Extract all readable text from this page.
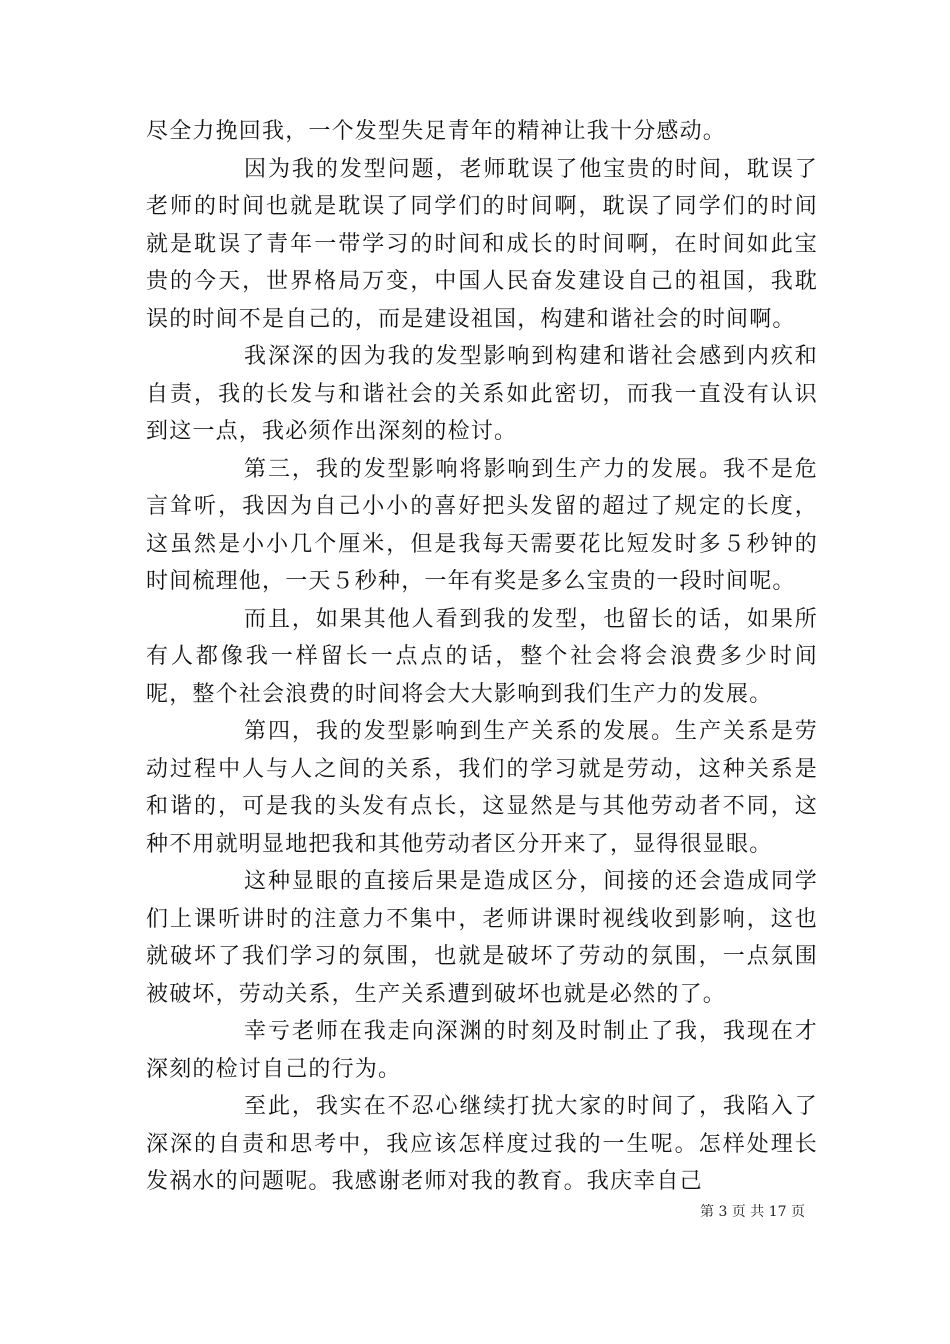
尽全力挽回我，一个发型失足青年的精神让我十分感动。

因为我的发型问题，老师耽误了他宝贵的时间，耽误了老师的时间也就是耽误了同学们的时间啊，耽误了同学们的时间就是耽误了青年一带学习的时间和成长的时间啊，在时间如此宝贵的今天，世界格局万变，中国人民奋发建设自己的祖国，我耽误的时间不是自己的，而是建设祖国，构建和谐社会的时间啊。

我深深的因为我的发型影响到构建和谐社会感到内疚和自责，我的长发与和谐社会的关系如此密切，而我一直没有认识到这一点，我必须作出深刻的检讨。

第三，我的发型影响将影响到生产力的发展。我不是危言耸听，我因为自己小小的喜好把头发留的超过了规定的长度，这虽然是小小几个厘米，但是我每天需要花比短发时多５秒钟的时间梳理他，一天５秒种，一年有奖是多么宝贵的一段时间呢。

而且，如果其他人看到我的发型，也留长的话，如果所有人都像我一样留长一点点的话，整个社会将会浪费多少时间呢，整个社会浪费的时间将会大大影响到我们生产力的发展。

第四，我的发型影响到生产关系的发展。生产关系是劳动过程中人与人之间的关系，我们的学习就是劳动，这种关系是和谐的，可是我的头发有点长，这显然是与其他劳动者不同，这种不用就明显地把我和其他劳动者区分开来了，显得很显眼。

这种显眼的直接后果是造成区分，间接的还会造成同学们上课听讲时的注意力不集中，老师讲课时视线收到影响，这也就破坏了我们学习的氛围，也就是破坏了劳动的氛围，一点氛围被破坏，劳动关系，生产关系遭到破坏也就是必然的了。

幸亏老师在我走向深渊的时刻及时制止了我，我现在才深刻的检讨自己的行为。

至此，我实在不忍心继续打扰大家的时间了，我陷入了深深的自责和思考中，我应该怎样度过我的一生呢。怎样处理长发祸水的问题呢。我感谢老师对我的教育。我庆幸自己

第 3 页 共 17 页
